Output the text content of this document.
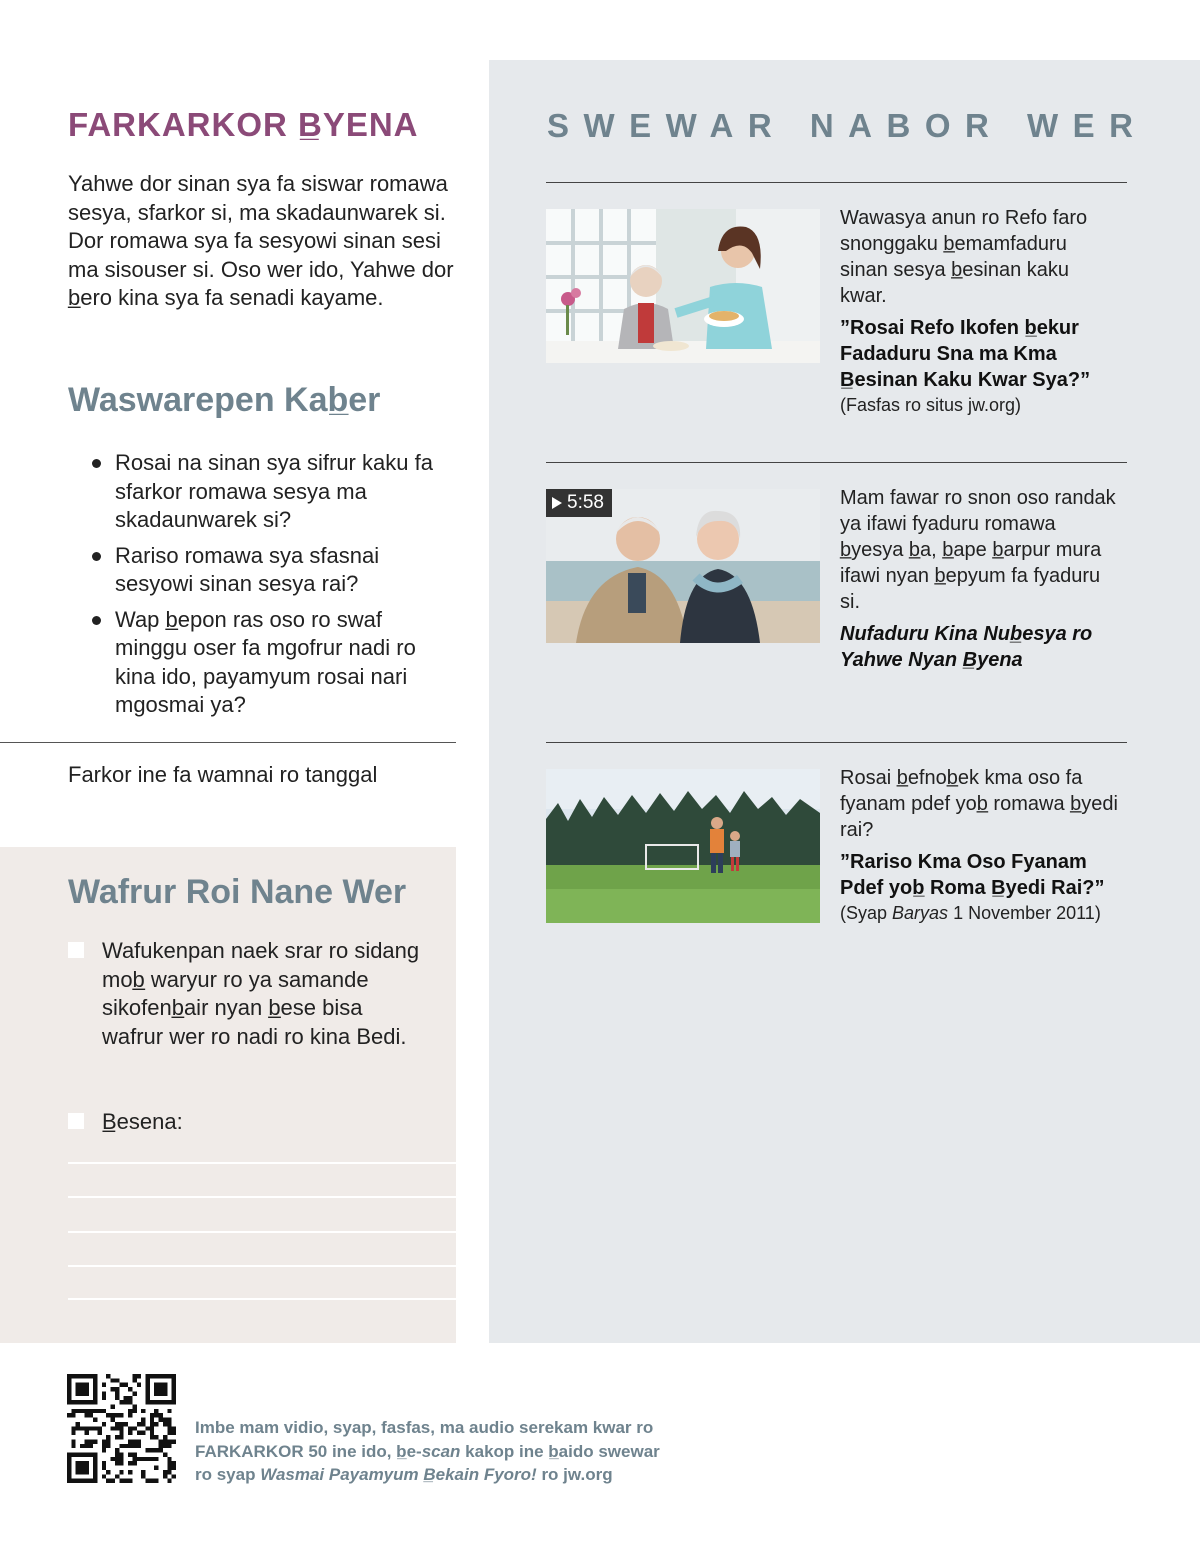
FARKARKOR B̲YENA

Yahwe dor sinan sya fa siswar romawa sesya, sfarkor si, ma skadaunwarek si. Dor romawa sya fa sesyowi sinan sesi ma sisouser si. Oso wer ido, Yahwe dor b̲ero kina sya fa senadi kayame.

Waswarepen Kab̲er
Rosai na sinan sya sifrur kaku fa sfarkor romawa sesya ma skadaunwarek si?
Rariso romawa sya sfasnai sesyowi sinan sesya rai?
Wap b̲epon ras oso ro swaf minggu oser fa mgofrur nadi ro kina ido, payamyum rosai nari mgosmai ya?
Farkor ine fa wamnai ro tanggal
Wafrur Roi Nane Wer
Wafukenpan naek srar ro sidang mob̲ waryur ro ya samande sikofenb̲air nyan b̲ese bisa wafrur wer ro nadi ro kina Bedi.
B̲esena:
SWEWAR NABOR WER

Wawasya anun ro Refo faro snonggaku b̲emamfaduru sinan sesya b̲esinan kaku kwar.

”Rosai Refo Ikofen b̲ekur Fadaduru Sna ma Kma B̲esinan Kaku Kwar Sya?”

(Fasfas ro situs jw.org)

5:58	Mam fawar ro snon oso randak ya ifawi fyaduru romawa b̲yesya b̲a, b̲ape b̲arpur mura ifawi nyan b̲epyum fa fyaduru si.

Nufaduru Kina Nub̲esya ro Yahwe Nyan B̲yena

Rosai b̲efnob̲ek kma oso fa fyanam pdef yob̲ romawa b̲yedi rai?

”Rariso Kma Oso Fyanam Pdef yob̲ Roma B̲yedi Rai?”

(Syap Baryas 1 November 2011)

Imbe mam vidio, syap, fasfas, ma audio serekam kwar ro
FARKARKOR 50 ine ido, b̲e-scan kakop ine b̲aido swewar
ro syap Wasmai Payamyum B̲ekain Fyoro! ro jw.org
